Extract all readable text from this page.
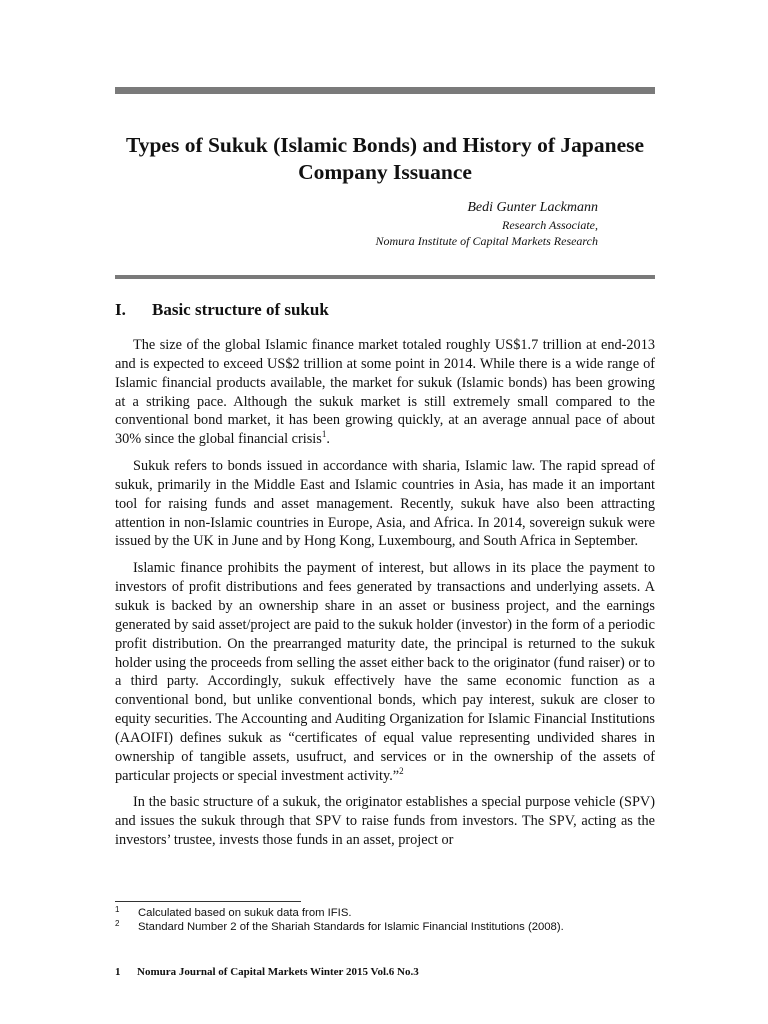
Types of Sukuk (Islamic Bonds) and History of Japanese Company Issuance
Bedi Gunter Lackmann
Research Associate,
Nomura Institute of Capital Markets Research
I. Basic structure of sukuk

The size of the global Islamic finance market totaled roughly US$1.7 trillion at end-2013 and is expected to exceed US$2 trillion at some point in 2014. While there is a wide range of Islamic financial products available, the market for sukuk (Islamic bonds) has been growing at a striking pace. Although the sukuk market is still extremely small compared to the conventional bond market, it has been growing quickly, at an average annual pace of about 30% since the global financial crisis$^1$.

Sukuk refers to bonds issued in accordance with sharia, Islamic law. The rapid spread of sukuk, primarily in the Middle East and Islamic countries in Asia, has made it an important tool for raising funds and asset management. Recently, sukuk have also been attracting attention in non-Islamic countries in Europe, Asia, and Africa. In 2014, sovereign sukuk were issued by the UK in June and by Hong Kong, Luxembourg, and South Africa in September.

Islamic finance prohibits the payment of interest, but allows in its place the payment to investors of profit distributions and fees generated by transactions and underlying assets. A sukuk is backed by an ownership share in an asset or business project, and the earnings generated by said asset/project are paid to the sukuk holder (investor) in the form of a periodic profit distribution. On the prearranged maturity date, the principal is returned to the sukuk holder using the proceeds from selling the asset either back to the originator (fund raiser) or to a third party. Accordingly, sukuk effectively have the same economic function as a conventional bond, but unlike conventional bonds, which pay interest, sukuk are closer to equity securities. The Accounting and Auditing Organization for Islamic Financial Institutions (AAOIFI) defines sukuk as “certificates of equal value representing undivided shares in ownership of tangible assets, usufruct, and services or in the ownership of the assets of particular projects or special investment activity.”$^2$

In the basic structure of a sukuk, the originator establishes a special purpose vehicle (SPV) and issues the sukuk through that SPV to raise funds from investors. The SPV, acting as the investors’ trustee, invests those funds in an asset, project or

1 Calculated based on sukuk data from IFIS.
2 Standard Number 2 of the Shariah Standards for Islamic Financial Institutions (2008).
1 Nomura Journal of Capital Markets Winter 2015 Vol.6 No.3
